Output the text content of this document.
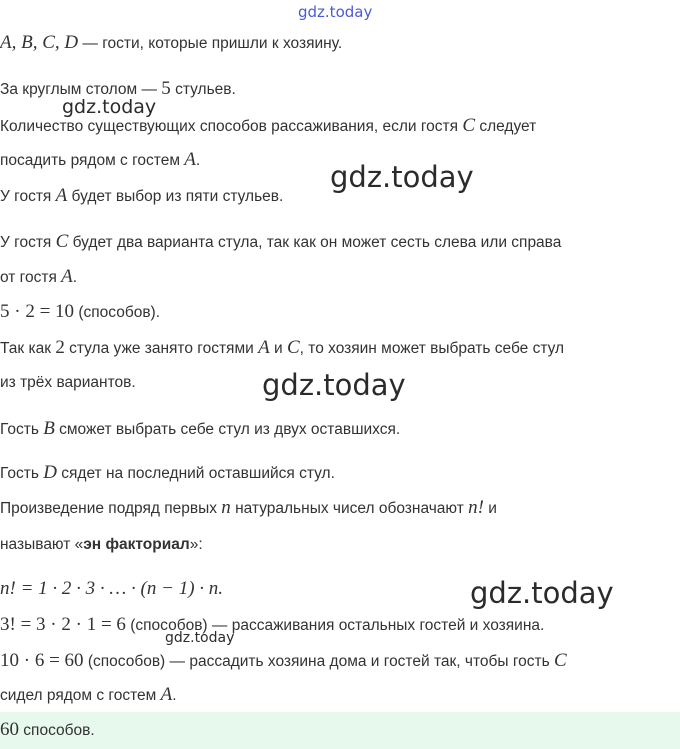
gdz.today
gdz.today
gdz.today
gdz.today
gdz.today
gdz.today
A, B, C, D — гости, которые пришли к хозяину.
За круглым столом — 5 стульев.
Количество существующих способов рассаживания, если гостя C следует
посадить рядом с гостем A.
У гостя A будет выбор из пяти стульев.
У гостя C будет два варианта стула, так как он может сесть слева или справа
от гостя A.
5 · 2 = 10 (способов).
Так как 2 стула уже занято гостями A и C, то хозяин может выбрать себе стул
из трёх вариантов.
Гость B сможет выбрать себе стул из двух оставшихся.
Гость D сядет на последний оставшийся стул.
Произведение подряд первых n натуральных чисел обозначают n! и
называют «эн факториал»:
n! = 1 · 2 · 3 · … · (n − 1) · n.
3! = 3 · 2 · 1 = 6 (способов) — рассаживания остальных гостей и хозяина.
10 · 6 = 60 (способов) — рассадить хозяина дома и гостей так, чтобы гость C
сидел рядом с гостем A.
60 способов.
